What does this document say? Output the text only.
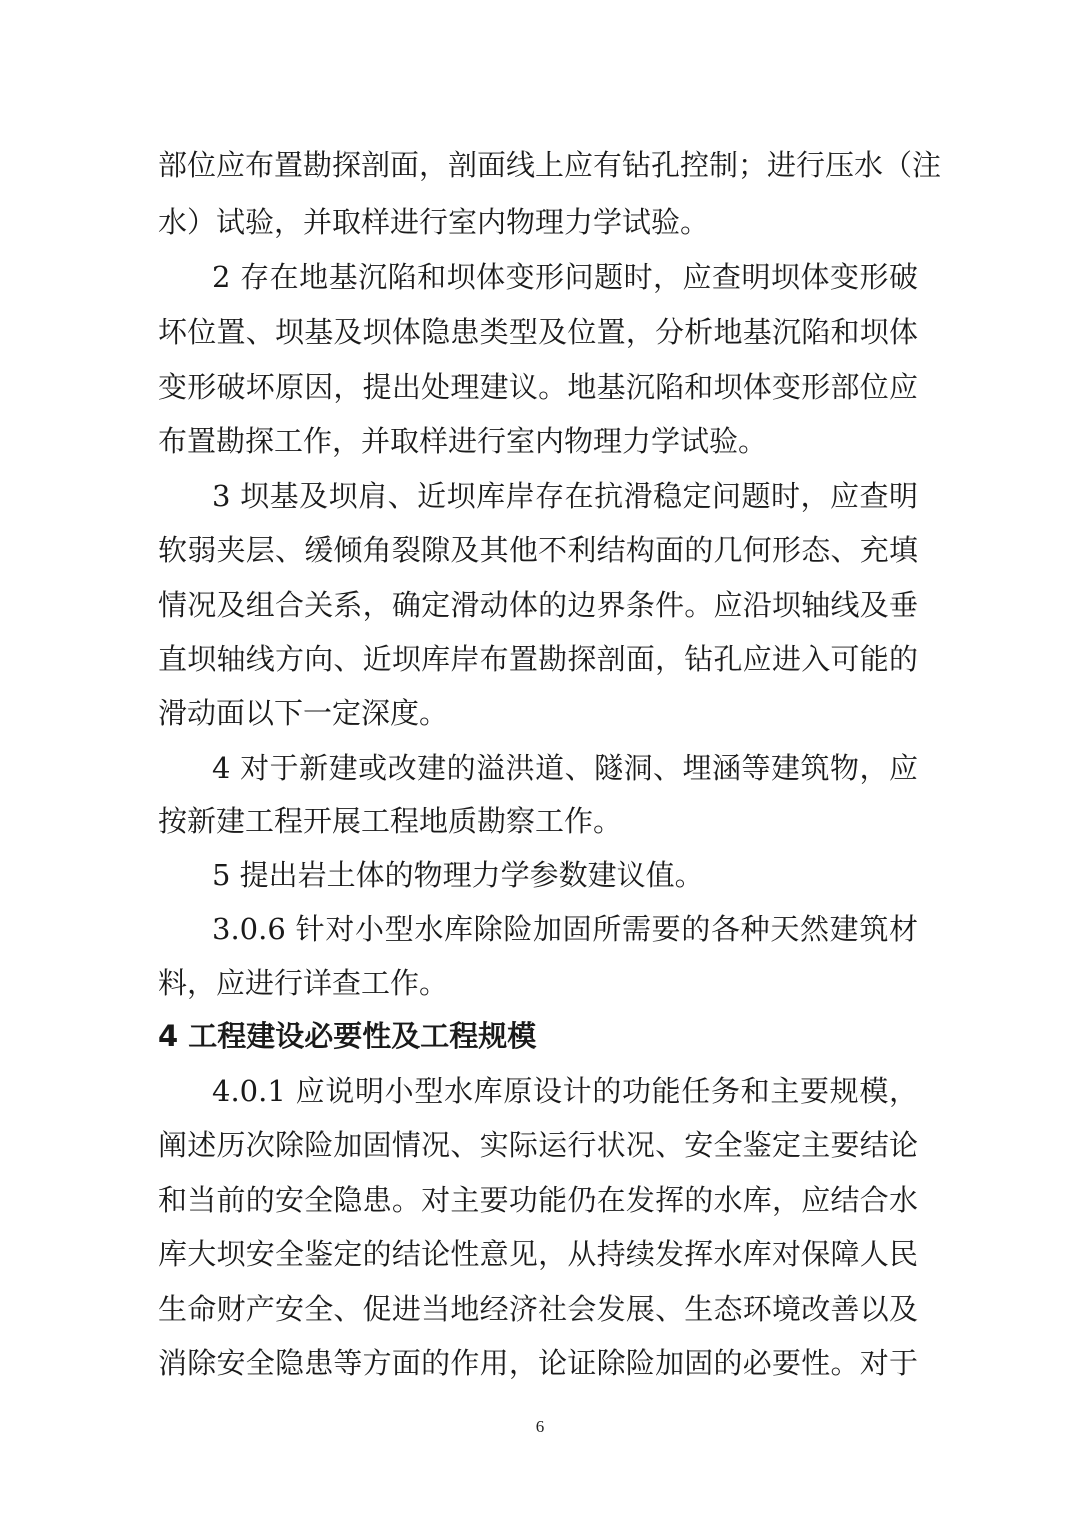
部位应布置勘探剖面，剖面线上应有钻孔控制；进行压水（注
水）试验，并取样进行室内物理力学试验。
2 存在地基沉陷和坝体变形问题时，应查明坝体变形破
坏位置、坝基及坝体隐患类型及位置，分析地基沉陷和坝体
变形破坏原因，提出处理建议。地基沉陷和坝体变形部位应
布置勘探工作，并取样进行室内物理力学试验。
3 坝基及坝肩、近坝库岸存在抗滑稳定问题时，应查明
软弱夹层、缓倾角裂隙及其他不利结构面的几何形态、充填
情况及组合关系，确定滑动体的边界条件。应沿坝轴线及垂
直坝轴线方向、近坝库岸布置勘探剖面，钻孔应进入可能的
滑动面以下一定深度。
4 对于新建或改建的溢洪道、隧洞、埋涵等建筑物，应
按新建工程开展工程地质勘察工作。
5 提出岩土体的物理力学参数建议值。
3.0.6 针对小型水库除险加固所需要的各种天然建筑材
料，应进行详查工作。
4 工程建设必要性及工程规模
4.0.1 应说明小型水库原设计的功能任务和主要规模，
阐述历次除险加固情况、实际运行状况、安全鉴定主要结论
和当前的安全隐患。对主要功能仍在发挥的水库，应结合水
库大坝安全鉴定的结论性意见，从持续发挥水库对保障人民
生命财产安全、促进当地经济社会发展、生态环境改善以及
消除安全隐患等方面的作用，论证除险加固的必要性。对于
6
